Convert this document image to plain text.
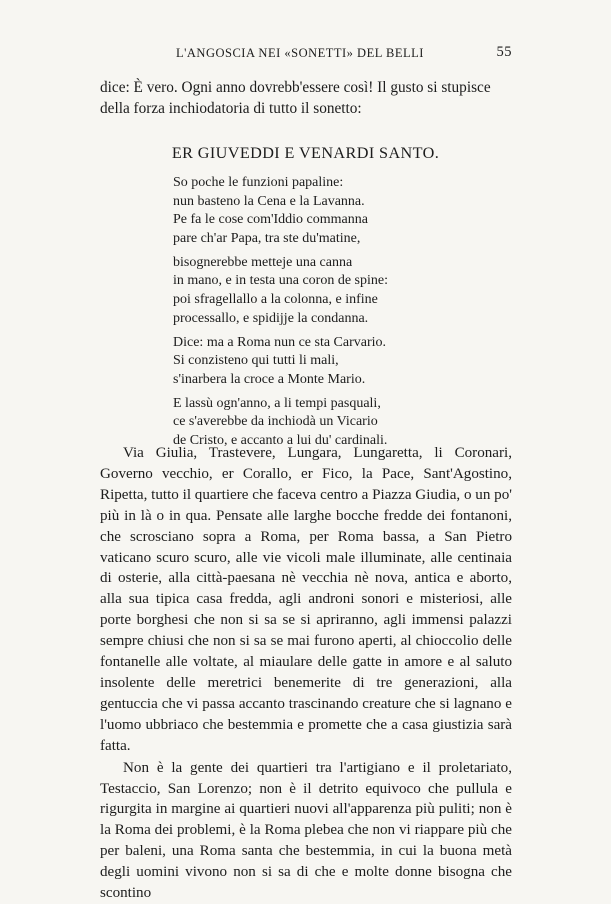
L'ANGOSCIA NEI «SONETTI» DEL BELLI	55

dice: È vero. Ogni anno dovrebb'essere così! Il gusto si stupisce

della forza inchiodatoria di tutto il sonetto:

ER GIUVEDDI E VENARDI SANTO.
So poche le funzioni papaline:
nun basteno la Cena e la Lavanna.
Pe fa le cose com'Iddio commanna
pare ch'ar Papa, tra ste du'matine,
bisognerebbe metteje una canna
in mano, e in testa una coron de spine:
poi sfragellallo a la colonna, e infine
processallo, e spidijje la condanna.
Dice: ma a Roma nun ce sta Carvario.
Si conzisteno qui tutti li mali,
s'inarbera la croce a Monte Mario.
E lassù ogn'anno, a li tempi pasquali,
ce s'averebbe da inchiodà un Vicario
de Cristo, e accanto a lui du' cardinali.

Via Giulia, Trastevere, Lungara, Lungaretta, li Coronari, Governo vecchio, er Corallo, er Fico, la Pace, Sant'Agostino, Ripetta, tutto il quartiere che faceva centro a Piazza Giudia, o un po' più in là o in qua. Pensate alle larghe bocche fredde dei fontanoni, che scrosciano sopra a Roma, per Roma bassa, a San Pietro vaticano scuro scuro, alle vie vicoli male illuminate, alle centinaia di osterie, alla città-paesana nè vecchia nè nova, antica e aborto, alla sua tipica casa fredda, agli androni sonori e misteriosi, alle porte borghesi che non si sa se si apriranno, agli immensi palazzi sempre chiusi che non si sa se mai furono aperti, al chioccolio delle fontanelle alle voltate, al miaulare delle gatte in amore e al saluto insolente delle meretrici benemerite di tre generazioni, alla gentuccia che vi passa accanto trascinando creature che si lagnano e l'uomo ubbriaco che bestemmia e promette che a casa giustizia sarà fatta.

Non è la gente dei quartieri tra l'artigiano e il proletariato, Testaccio, San Lorenzo; non è il detrito equivoco che pullula e rigurgita in margine ai quartieri nuovi all'apparenza più puliti; non è la Roma dei problemi, è la Roma plebea che non vi riappare più che per baleni, una Roma santa che bestemmia, in cui la buona metà degli uomini vivono non si sa di che e molte donne bisogna che scontino
